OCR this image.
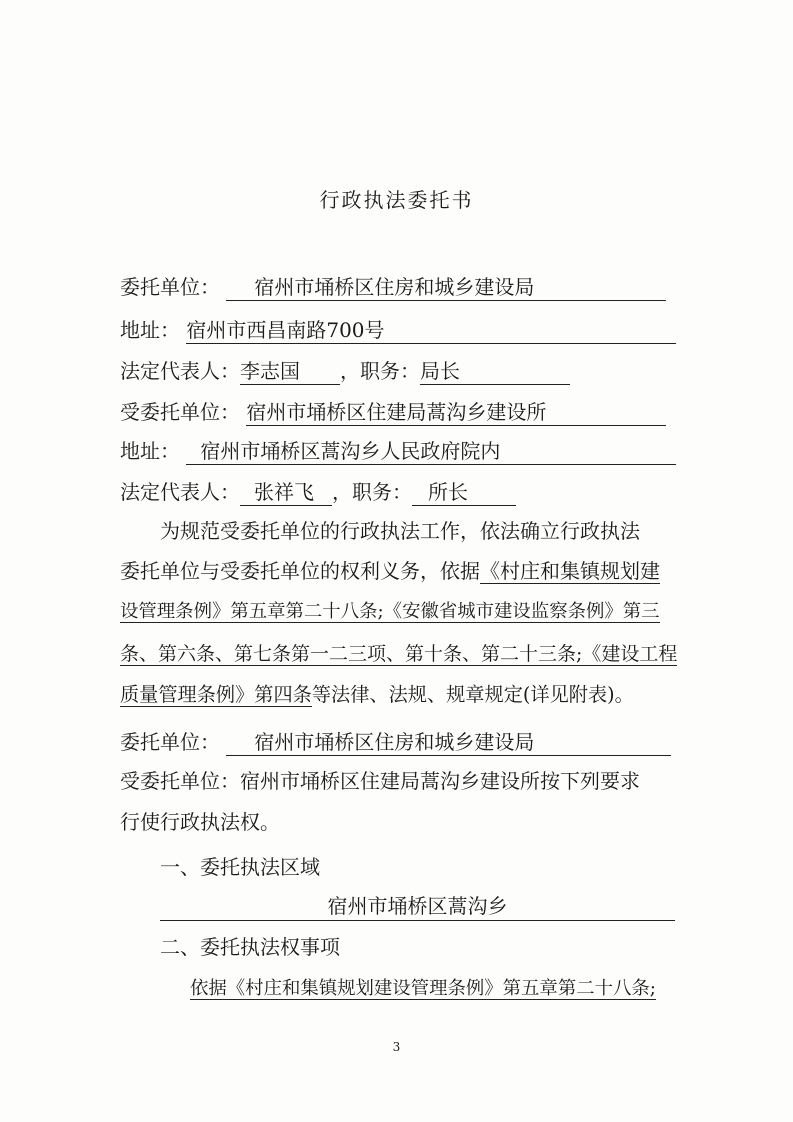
行政执法委托书
委托单位： 宿州市埇桥区住房和城乡建设局
地址： 宿州市西昌南路700号
法定代表人：李志国 ，职务：局长
受委托单位： 宿州市埇桥区住建局蒿沟乡建设所
地址： 宿州市埇桥区蒿沟乡人民政府院内
法定代表人： 张祥飞 ，职务： 所长
为规范受委托单位的行政执法工作，依法确立行政执法
委托单位与受委托单位的权利义务，依据《村庄和集镇规划建
设管理条例》第五章第二十八条;《安徽省城市建设监察条例》第三
条、第六条、第七条第一二三项、第十条、第二十三条;《建设工程
质量管理条例》第四条等法律、法规、规章规定(详见附表)。
委托单位： 宿州市埇桥区住房和城乡建设局
受委托单位：宿州市埇桥区住建局蒿沟乡建设所按下列要求
行使行政执法权。
一、委托执法区域
宿州市埇桥区蒿沟乡
二、委托执法权事项
依据《村庄和集镇规划建设管理条例》第五章第二十八条;
3
